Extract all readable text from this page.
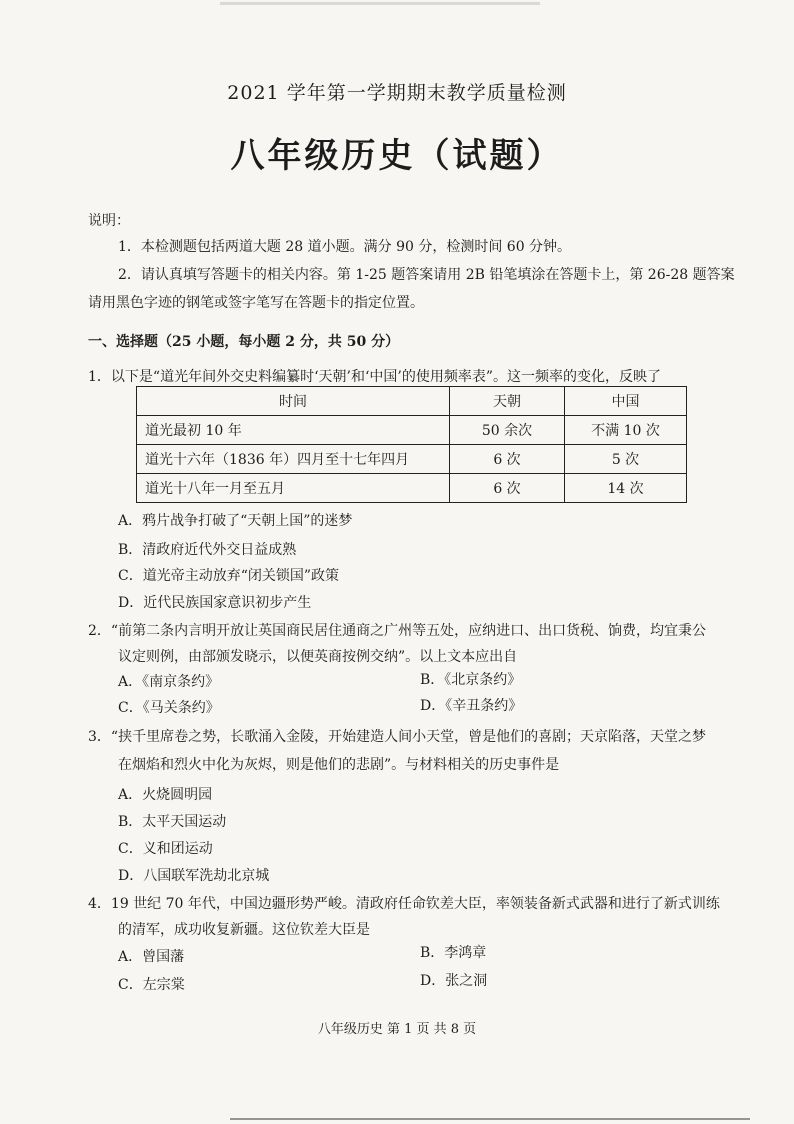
2021 学年第一学期期末教学质量检测
八年级历史（试题）
说明：
1．本检测题包括两道大题 28 道小题。满分 90 分，检测时间 60 分钟。
2．请认真填写答题卡的相关内容。第 1-25 题答案请用 2B 铅笔填涂在答题卡上，第 26-28 题答案
请用黑色字迹的钢笔或签字笔写在答题卡的指定位置。
一、选择题（25 小题，每小题 2 分，共 50 分）
1．以下是“道光年间外交史料编纂时‘天朝’和‘中国’的使用频率表”。这一频率的变化，反映了
时间	天朝	中国
道光最初 10 年	50 余次	不满 10 次
道光十六年（1836 年）四月至十七年四月	6 次	5 次
道光十八年一月至五月	6 次	14 次
A．鸦片战争打破了“天朝上国”的迷梦
B．清政府近代外交日益成熟
C．道光帝主动放弃“闭关锁国”政策
D．近代民族国家意识初步产生
2．“前第二条内言明开放让英国商民居住通商之广州等五处，应纳进口、出口货税、饷费，均宜秉公
议定则例，由部颁发晓示，以便英商按例交纳”。以上文本应出自
A．《南京条约》	B．《北京条约》
C．《马关条约》	D．《辛丑条约》
3．“挟千里席卷之势，长歌涌入金陵，开始建造人间小天堂，曾是他们的喜剧；天京陷落，天堂之梦
在烟焰和烈火中化为灰烬，则是他们的悲剧”。与材料相关的历史事件是
A．火烧圆明园
B．太平天国运动
C．义和团运动
D．八国联军洗劫北京城
4．19 世纪 70 年代，中国边疆形势严峻。清政府任命钦差大臣，率领装备新式武器和进行了新式训练
的清军，成功收复新疆。这位钦差大臣是
A．曾国藩	B．李鸿章
C．左宗棠	D．张之洞
八年级历史 第 1 页 共 8 页
